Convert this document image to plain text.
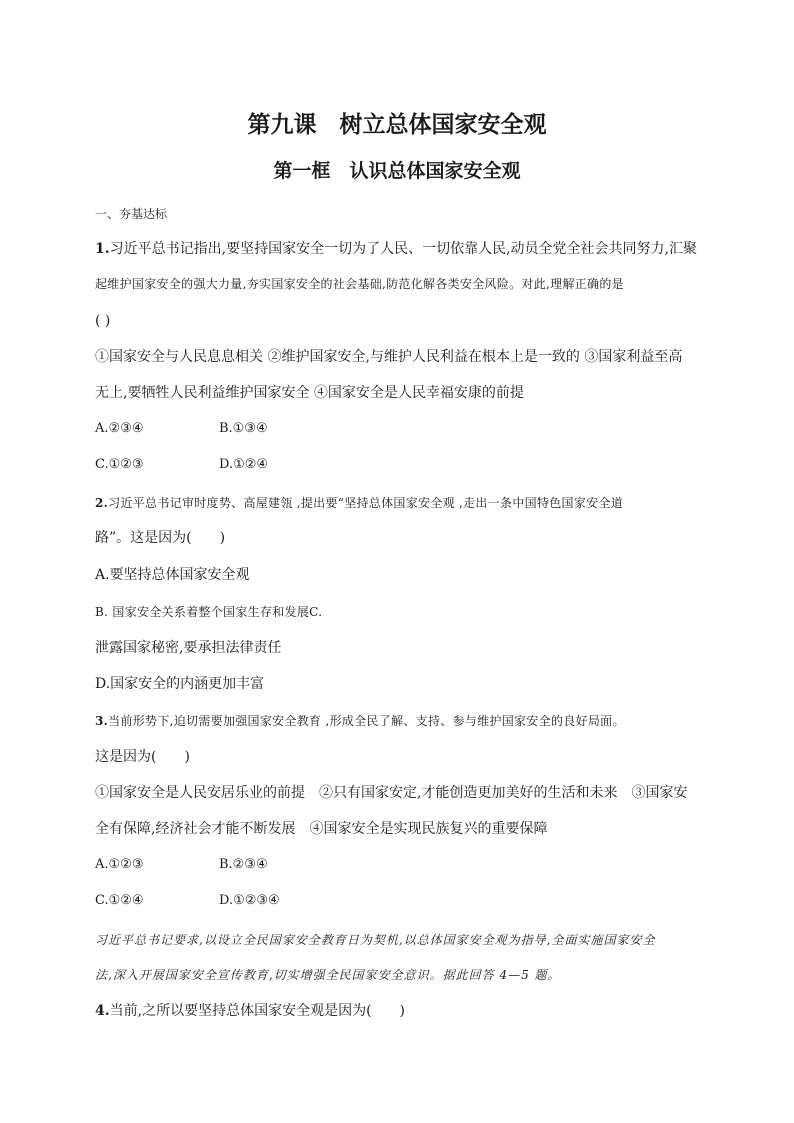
第九课　树立总体国家安全观
第一框　认识总体国家安全观
一、夯基达标
1.习近平总书记指出,要坚持国家安全一切为了人民、一切依靠人民,动员全党全社会共同努力,汇聚
起维护国家安全的强大力量,夯实国家安全的社会基础,防范化解各类安全风险。对此,理解正确的是
( )
①国家安全与人民息息相关 ②维护国家安全,与维护人民利益在根本上是一致的 ③国家利益至高
无上,要牺牲人民利益维护国家安全 ④国家安全是人民幸福安康的前提
A.②③④	B.①③④
C.①②③	D.①②④
2.习近平总书记审时度势、高屋建瓴 ,提出要“坚持总体国家安全观 ,走出一条中国特色国家安全道
路”。这是因为(　　)
A.要坚持总体国家安全观
B. 国家安全关系着整个国家生存和发展C.
泄露国家秘密,要承担法律责任
D.国家安全的内涵更加丰富
3.当前形势下,迫切需要加强国家安全教育 ,形成全民了解、支持、参与维护国家安全的良好局面。
这是因为(　　)
①国家安全是人民安居乐业的前提　②只有国家安定,才能创造更加美好的生活和未来　③国家安
全有保障,经济社会才能不断发展　④国家安全是实现民族复兴的重要保障
A.①②③	B.②③④
C.①②④	D.①②③④
习近平总书记要求,以设立全民国家安全教育日为契机,以总体国家安全观为指导,全面实施国家安全
法,深入开展国家安全宣传教育,切实增强全民国家安全意识。据此回答 4—5 题。
4.当前,之所以要坚持总体国家安全观是因为(　　)
